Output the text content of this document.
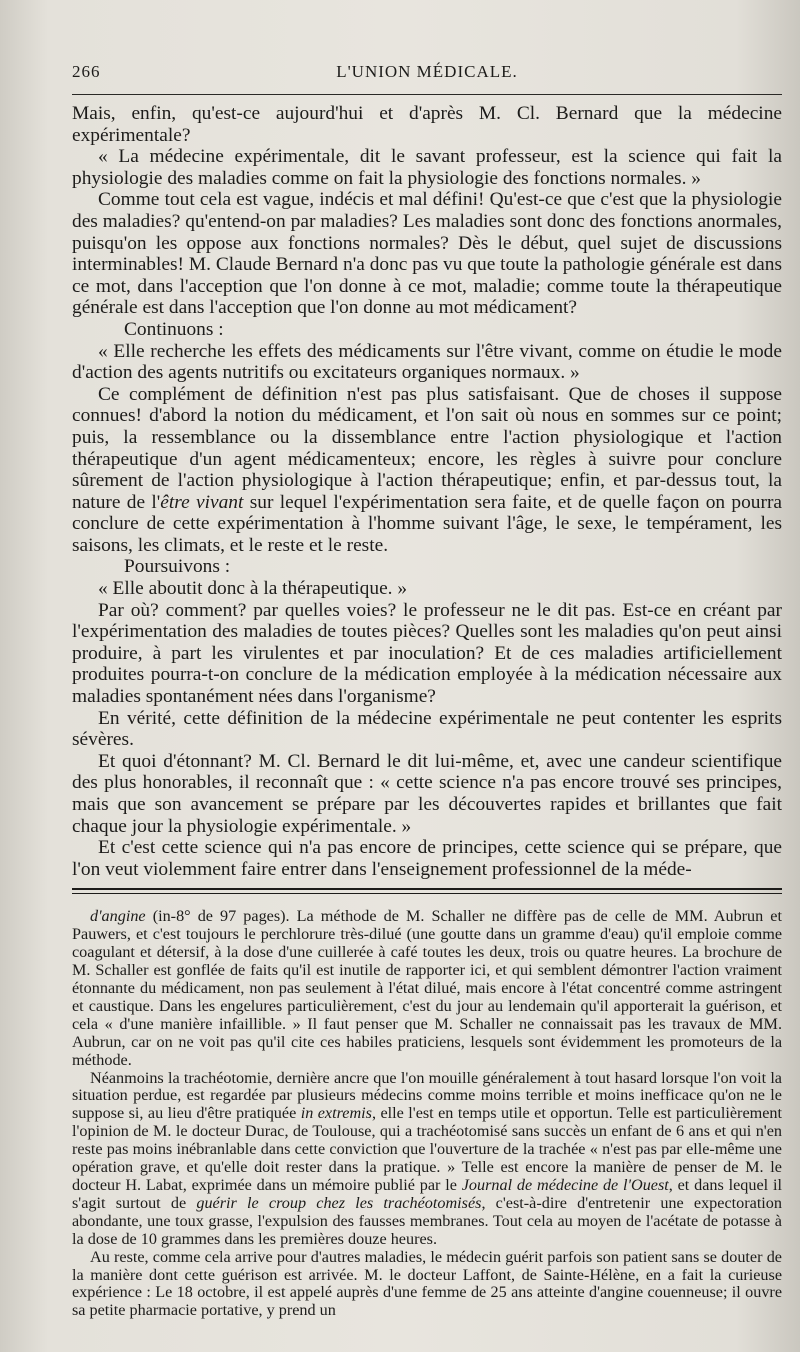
266	L'UNION MÉDICALE.

Mais, enfin, qu'est-ce aujourd'hui et d'après M. Cl. Bernard que la médecine expérimentale?

« La médecine expérimentale, dit le savant professeur, est la science qui fait la physiologie des maladies comme on fait la physiologie des fonctions normales. »

Comme tout cela est vague, indécis et mal défini! Qu'est-ce que c'est que la physiologie des maladies? qu'entend-on par maladies? Les maladies sont donc des fonctions anormales, puisqu'on les oppose aux fonctions normales? Dès le début, quel sujet de discussions interminables! M. Claude Bernard n'a donc pas vu que toute la pathologie générale est dans ce mot, dans l'acception que l'on donne à ce mot, maladie; comme toute la thérapeutique générale est dans l'acception que l'on donne au mot médicament?

Continuons :

« Elle recherche les effets des médicaments sur l'être vivant, comme on étudie le mode d'action des agents nutritifs ou excitateurs organiques normaux. »

Ce complément de définition n'est pas plus satisfaisant. Que de choses il suppose connues! d'abord la notion du médicament, et l'on sait où nous en sommes sur ce point; puis, la ressemblance ou la dissemblance entre l'action physiologique et l'action thérapeutique d'un agent médicamenteux; encore, les règles à suivre pour conclure sûrement de l'action physiologique à l'action thérapeutique; enfin, et par-dessus tout, la nature de l'être vivant sur lequel l'expérimentation sera faite, et de quelle façon on pourra conclure de cette expérimentation à l'homme suivant l'âge, le sexe, le tempérament, les saisons, les climats, et le reste et le reste.

Poursuivons :

« Elle aboutit donc à la thérapeutique. »

Par où? comment? par quelles voies? le professeur ne le dit pas. Est-ce en créant par l'expérimentation des maladies de toutes pièces? Quelles sont les maladies qu'on peut ainsi produire, à part les virulentes et par inoculation? Et de ces maladies artificiellement produites pourra-t-on conclure de la médication employée à la médication nécessaire aux maladies spontanément nées dans l'organisme?

En vérité, cette définition de la médecine expérimentale ne peut contenter les esprits sévères.

Et quoi d'étonnant? M. Cl. Bernard le dit lui-même, et, avec une candeur scientifique des plus honorables, il reconnaît que : « cette science n'a pas encore trouvé ses principes, mais que son avancement se prépare par les découvertes rapides et brillantes que fait chaque jour la physiologie expérimentale. »

Et c'est cette science qui n'a pas encore de principes, cette science qui se prépare, que l'on veut violemment faire entrer dans l'enseignement professionnel de la méde-

d'angine (in-8° de 97 pages). La méthode de M. Schaller ne diffère pas de celle de MM. Aubrun et Pauwers, et c'est toujours le perchlorure très-dilué (une goutte dans un gramme d'eau) qu'il emploie comme coagulant et détersif, à la dose d'une cuillerée à café toutes les deux, trois ou quatre heures. La brochure de M. Schaller est gonflée de faits qu'il est inutile de rapporter ici, et qui semblent démontrer l'action vraiment étonnante du médicament, non pas seulement à l'état dilué, mais encore à l'état concentré comme astringent et caustique. Dans les engelures particulièrement, c'est du jour au lendemain qu'il apporterait la guérison, et cela « d'une manière infaillible. » Il faut penser que M. Schaller ne connaissait pas les travaux de MM. Aubrun, car on ne voit pas qu'il cite ces habiles praticiens, lesquels sont évidemment les promoteurs de la méthode.

Néanmoins la trachéotomie, dernière ancre que l'on mouille généralement à tout hasard lorsque l'on voit la situation perdue, est regardée par plusieurs médecins comme moins terrible et moins inefficace qu'on ne le suppose si, au lieu d'être pratiquée in extremis, elle l'est en temps utile et opportun. Telle est particulièrement l'opinion de M. le docteur Durac, de Toulouse, qui a trachéotomisé sans succès un enfant de 6 ans et qui n'en reste pas moins inébranlable dans cette conviction que l'ouverture de la trachée « n'est pas par elle-même une opération grave, et qu'elle doit rester dans la pratique. » Telle est encore la manière de penser de M. le docteur H. Labat, exprimée dans un mémoire publié par le Journal de médecine de l'Ouest, et dans lequel il s'agit surtout de guérir le croup chez les trachéotomisés, c'est-à-dire d'entretenir une expectoration abondante, une toux grasse, l'expulsion des fausses membranes. Tout cela au moyen de l'acétate de potasse à la dose de 10 grammes dans les premières douze heures.

Au reste, comme cela arrive pour d'autres maladies, le médecin guérit parfois son patient sans se douter de la manière dont cette guérison est arrivée. M. le docteur Laffont, de Sainte-Hélène, en a fait la curieuse expérience : Le 18 octobre, il est appelé auprès d'une femme de 25 ans atteinte d'angine couenneuse; il ouvre sa petite pharmacie portative, y prend un
